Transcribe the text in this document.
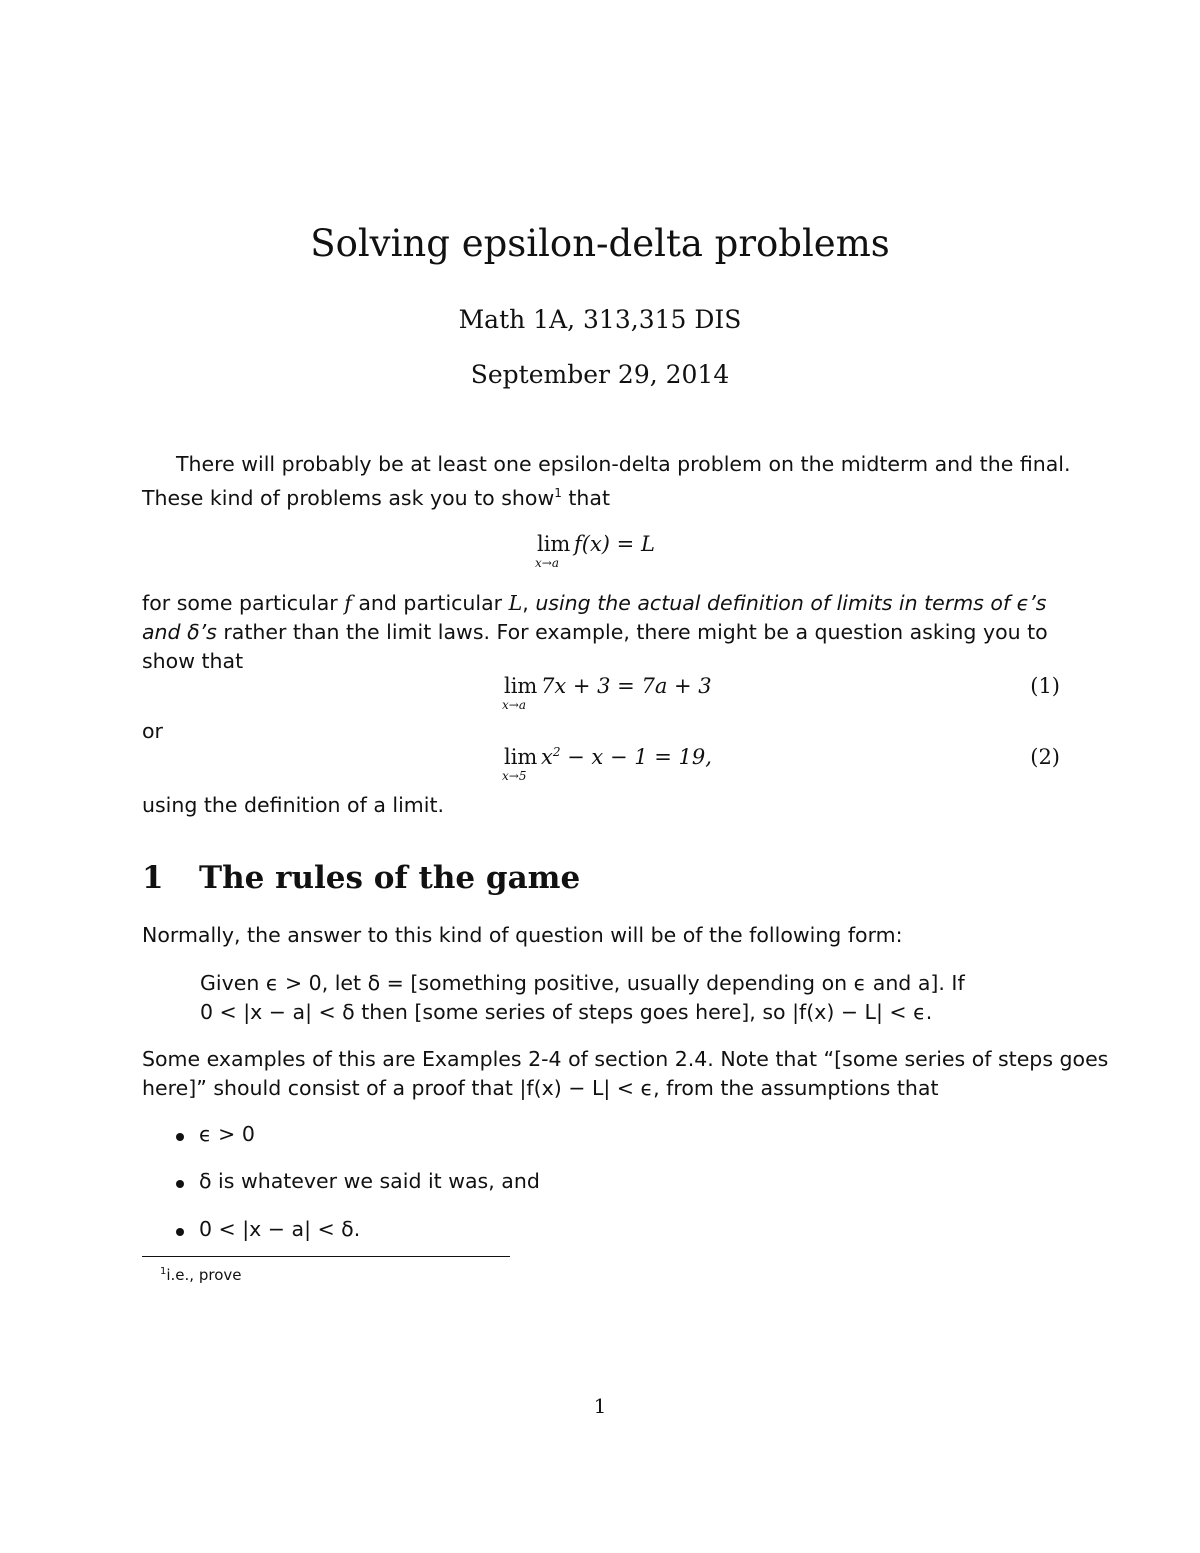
Solving epsilon-delta problems
Math 1A, 313,315 DIS
September 29, 2014
There will probably be at least one epsilon-delta problem on the midterm and the final.
These kind of problems ask you to show$^1$ that
lim
x→a
f(x) = L
for some particular f and particular L, using the actual definition of limits in terms of ϵ’s
and δ’s rather than the limit laws. For example, there might be a question asking you to
show that
lim
x→a
7x + 3 = 7a + 3	(1)
or
lim
x→5
$x^2 - x - 1 = 19$,	(2)
using the definition of a limit.
1 The rules of the game
Normally, the answer to this kind of question will be of the following form:
Given ϵ > 0, let δ = [something positive, usually depending on ϵ and a]. If
0 < |x − a| < δ then [some series of steps goes here], so |f(x) − L| < ϵ.
Some examples of this are Examples 2-4 of section 2.4. Note that “[some series of steps goes
here]” should consist of a proof that |f(x) − L| < ϵ, from the assumptions that
ϵ > 0
δ is whatever we said it was, and
0 < |x − a| < δ.
$^1$i.e., prove
1
